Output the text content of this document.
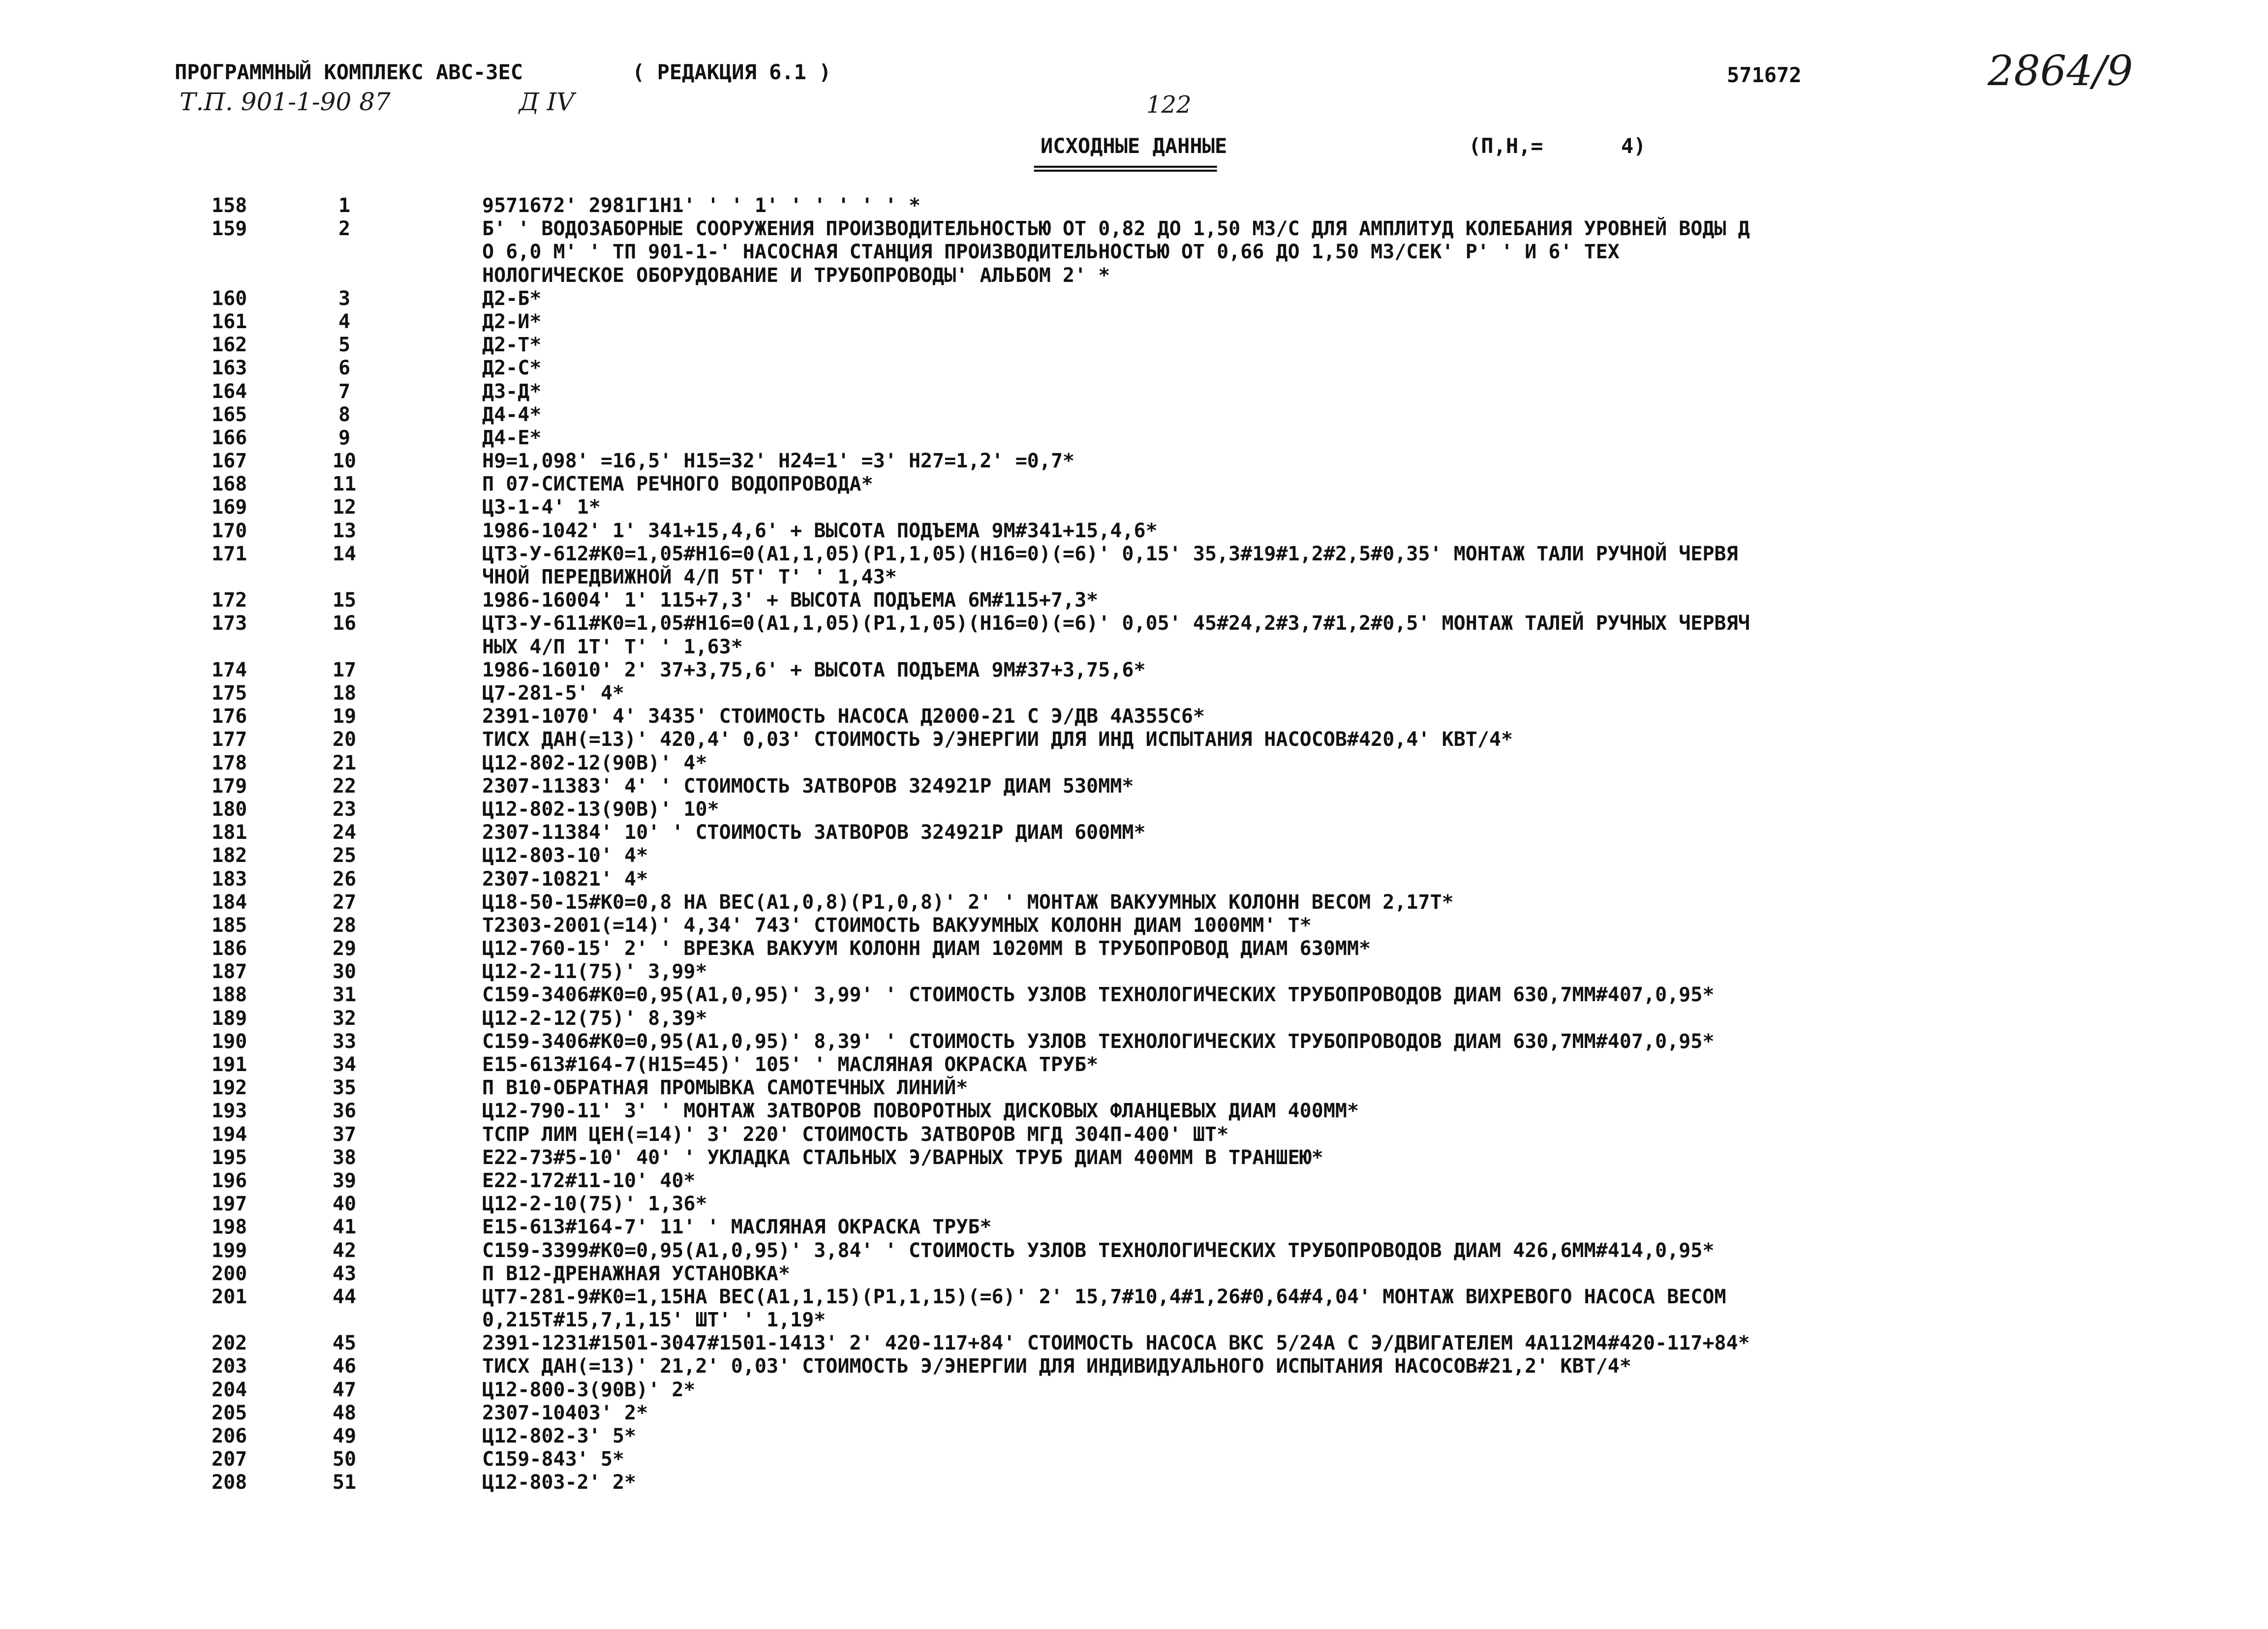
ПРОГРАММНЫЙ КОМПЛЕКС АВС-ЗЕС	( РЕДАКЦИЯ 6.1 )
Т.П. 901-1-90 87	Д IV	122
571672	2864/9
ИСХОДНЫЕ ДАННЫЕ
=====================
(П,Н,=	4)
158	1	9571672' 2981Г1Н1' ' ' 1' ' ' ' ' ' *
159	2	Б' ' ВОДОЗАБОРНЫЕ СООРУЖЕНИЯ ПРОИЗВОДИТЕЛЬНОСТЬЮ ОТ 0,82 ДО 1,50 М3/С ДЛЯ АМПЛИТУД КОЛЕБАНИЯ УРОВНЕЙ ВОДЫ Д
О 6,0 М' ' ТП 901-1-' НАСОСНАЯ СТАНЦИЯ ПРОИЗВОДИТЕЛЬНОСТЬЮ ОТ 0,66 ДО 1,50 М3/СЕК' Р' ' И 6' ТЕХ
НОЛОГИЧЕСКОЕ ОБОРУДОВАНИЕ И ТРУБОПРОВОДЫ' АЛЬБОМ 2' *
160	3	Д2-Б*
161	4	Д2-И*
162	5	Д2-Т*
163	6	Д2-С*
164	7	Д3-Д*
165	8	Д4-4*
166	9	Д4-Е*
167	10	Н9=1,098' =16,5' Н15=32' Н24=1' =3' Н27=1,2' =0,7*
168	11	П 07-СИСТЕМА РЕЧНОГО ВОДОПРОВОДА*
169	12	Ц3-1-4' 1*
170	13	1986-1042' 1' 341+15,4,6' + ВЫСОТА ПОДЪЕМА 9М#341+15,4,6*
171	14	ЦТ3-У-612#К0=1,05#Н16=0(А1,1,05)(Р1,1,05)(Н16=0)(=6)' 0,15' 35,3#19#1,2#2,5#0,35' МОНТАЖ ТАЛИ РУЧНОЙ ЧЕРВЯ
ЧНОЙ ПЕРЕДВИЖНОЙ 4/П 5Т' Т' ' 1,43*
172	15	1986-16004' 1' 115+7,3' + ВЫСОТА ПОДЪЕМА 6М#115+7,3*
173	16	ЦТ3-У-611#К0=1,05#Н16=0(А1,1,05)(Р1,1,05)(Н16=0)(=6)' 0,05' 45#24,2#3,7#1,2#0,5' МОНТАЖ ТАЛЕЙ РУЧНЫХ ЧЕРВЯЧ
НЫХ 4/П 1Т' Т' ' 1,63*
174	17	1986-16010' 2' 37+3,75,6' + ВЫСОТА ПОДЪЕМА 9М#37+3,75,6*
175	18	Ц7-281-5' 4*
176	19	2391-1070' 4' 3435' СТОИМОСТЬ НАСОСА Д2000-21 С Э/ДВ 4А355С6*
177	20	ТИСХ ДАН(=13)' 420,4' 0,03' СТОИМОСТЬ Э/ЭНЕРГИИ ДЛЯ ИНД ИСПЫТАНИЯ НАСОСОВ#420,4' КВТ/4*
178	21	Ц12-802-12(90В)' 4*
179	22	2307-11383' 4' ' СТОИМОСТЬ ЗАТВОРОВ 324921Р ДИАМ 530ММ*
180	23	Ц12-802-13(90В)' 10*
181	24	2307-11384' 10' ' СТОИМОСТЬ ЗАТВОРОВ 324921Р ДИАМ 600ММ*
182	25	Ц12-803-10' 4*
183	26	2307-10821' 4*
184	27	Ц18-50-15#К0=0,8 НА ВЕС(А1,0,8)(Р1,0,8)' 2' ' МОНТАЖ ВАКУУМНЫХ КОЛОНН ВЕСОМ 2,17Т*
185	28	Т2303-2001(=14)' 4,34' 743' СТОИМОСТЬ ВАКУУМНЫХ КОЛОНН ДИАМ 1000ММ' Т*
186	29	Ц12-760-15' 2' ' ВРЕЗКА ВАКУУМ КОЛОНН ДИАМ 1020ММ В ТРУБОПРОВОД ДИАМ 630ММ*
187	30	Ц12-2-11(75)' 3,99*
188	31	С159-3406#К0=0,95(А1,0,95)' 3,99' ' СТОИМОСТЬ УЗЛОВ ТЕХНОЛОГИЧЕСКИХ ТРУБОПРОВОДОВ ДИАМ 630,7ММ#407,0,95*
189	32	Ц12-2-12(75)' 8,39*
190	33	С159-3406#К0=0,95(А1,0,95)' 8,39' ' СТОИМОСТЬ УЗЛОВ ТЕХНОЛОГИЧЕСКИХ ТРУБОПРОВОДОВ ДИАМ 630,7ММ#407,0,95*
191	34	Е15-613#164-7(Н15=45)' 105' ' МАСЛЯНАЯ ОКРАСКА ТРУБ*
192	35	П В10-ОБРАТНАЯ ПРОМЫВКА САМОТЕЧНЫХ ЛИНИЙ*
193	36	Ц12-790-11' 3' ' МОНТАЖ ЗАТВОРОВ ПОВОРОТНЫХ ДИСКОВЫХ ФЛАНЦЕВЫХ ДИАМ 400ММ*
194	37	ТСПР ЛИМ ЦЕН(=14)' 3' 220' СТОИМОСТЬ ЗАТВОРОВ МГД 304П-400' ШТ*
195	38	Е22-73#5-10' 40' ' УКЛАДКА СТАЛЬНЫХ Э/ВАРНЫХ ТРУБ ДИАМ 400ММ В ТРАНШЕЮ*
196	39	Е22-172#11-10' 40*
197	40	Ц12-2-10(75)' 1,36*
198	41	Е15-613#164-7' 11' ' МАСЛЯНАЯ ОКРАСКА ТРУБ*
199	42	С159-3399#К0=0,95(А1,0,95)' 3,84' ' СТОИМОСТЬ УЗЛОВ ТЕХНОЛОГИЧЕСКИХ ТРУБОПРОВОДОВ ДИАМ 426,6ММ#414,0,95*
200	43	П В12-ДРЕНАЖНАЯ УСТАНОВКА*
201	44	ЦТ7-281-9#К0=1,15НА ВЕС(А1,1,15)(Р1,1,15)(=6)' 2' 15,7#10,4#1,26#0,64#4,04' МОНТАЖ ВИХРЕВОГО НАСОСА ВЕСОМ
0,215Т#15,7,1,15' ШТ' ' 1,19*
202	45	2391-1231#1501-3047#1501-1413' 2' 420-117+84' СТОИМОСТЬ НАСОСА ВКС 5/24А С Э/ДВИГАТЕЛЕМ 4А112М4#420-117+84*
203	46	ТИСХ ДАН(=13)' 21,2' 0,03' СТОИМОСТЬ Э/ЭНЕРГИИ ДЛЯ ИНДИВИДУАЛЬНОГО ИСПЫТАНИЯ НАСОСОВ#21,2' КВТ/4*
204	47	Ц12-800-3(90В)' 2*
205	48	2307-10403' 2*
206	49	Ц12-802-3' 5*
207	50	С159-843' 5*
208	51	Ц12-803-2' 2*
